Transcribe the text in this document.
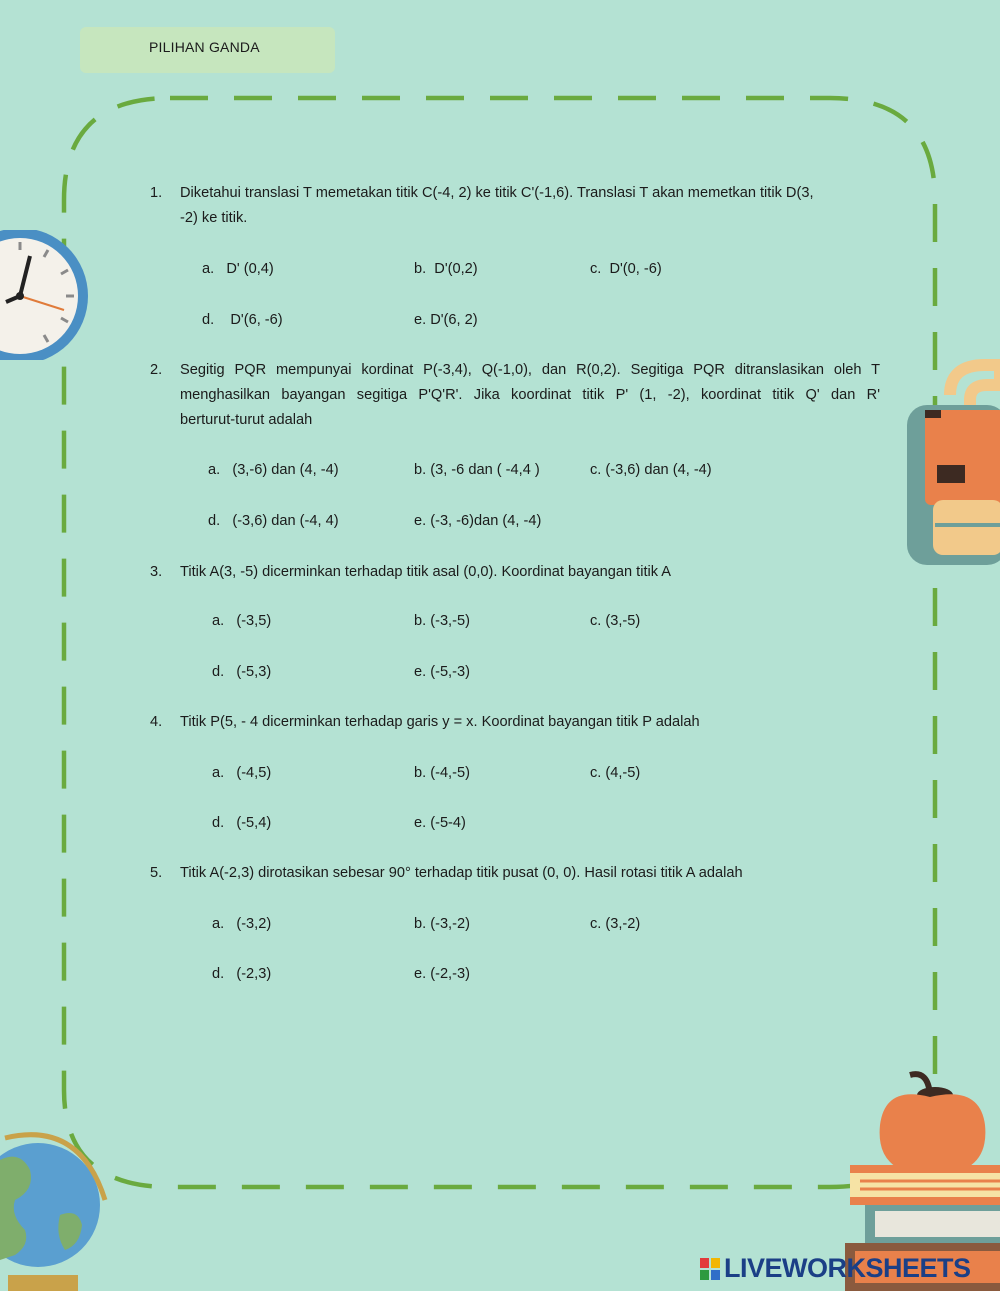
PILIHAN GANDA
1. Diketahui translasi T memetakan titik C(-4, 2) ke titik C'(-1,6). Translasi T akan memetkan titik D(3,
-2) ke titik.
a.   D' (0,4)	b.  D'(0,2)	c.  D'(0, -6)
d.    D'(6, -6)	e. D'(6, 2)
2. Segitig PQR mempunyai kordinat P(-3,4), Q(-1,0), dan R(0,2). Segitiga PQR ditranslasikan oleh T
menghasilkan bayangan segitiga P'Q'R'. Jika koordinat titik P' (1, -2), koordinat titik Q' dan R'
berturut-turut adalah
a.   (3,-6) dan (4, -4)	b. (3, -6 dan ( -4,4 )	c. (-3,6) dan (4, -4)
d.   (-3,6) dan (-4, 4)	e. (-3, -6)dan (4, -4)
3. Titik A(3, -5) dicerminkan terhadap titik asal (0,0). Koordinat bayangan titik A
a.   (-3,5)	b. (-3,-5)	c. (3,-5)
d.   (-5,3)	e. (-5,-3)
4. Titik P(5, - 4 dicerminkan terhadap garis y = x. Koordinat bayangan titik P adalah
a.   (-4,5)	b. (-4,-5)	c. (4,-5)
d.   (-5,4)	e. (-5-4)
5. Titik A(-2,3) dirotasikan sebesar 90° terhadap titik pusat (0, 0). Hasil rotasi titik A adalah
a.   (-3,2)	b. (-3,-2)	c. (3,-2)
d.   (-2,3)	e. (-2,-3)
LIVEWORKSHEETS
